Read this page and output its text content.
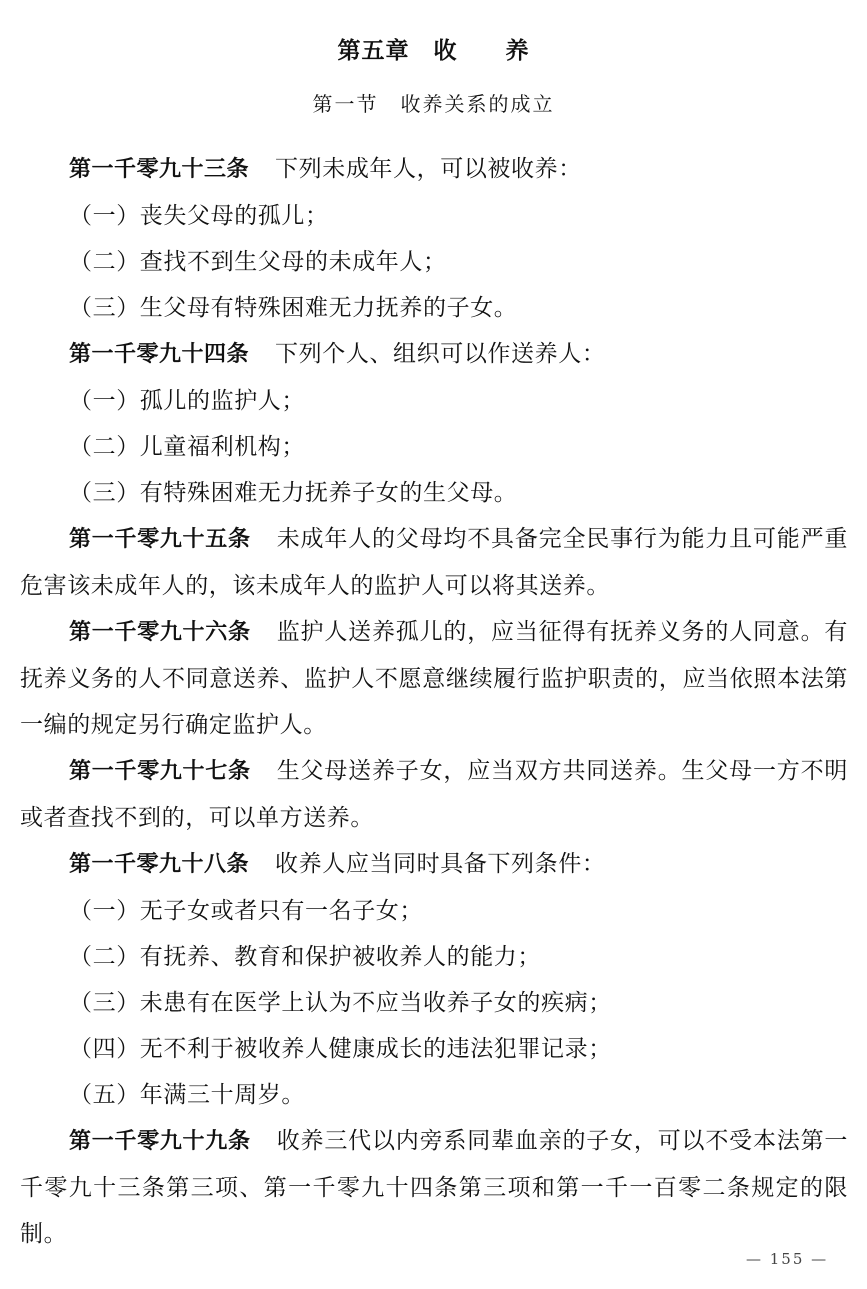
第五章　收　　养
第一节　收养关系的成立

第一千零九十三条 下列未成年人，可以被收养：

（一）丧失父母的孤儿；

（二）查找不到生父母的未成年人；

（三）生父母有特殊困难无力抚养的子女。

第一千零九十四条 下列个人、组织可以作送养人：

（一）孤儿的监护人；

（二）儿童福利机构；

（三）有特殊困难无力抚养子女的生父母。

第一千零九十五条 未成年人的父母均不具备完全民事行为能力且可能严重危害该未成年人的，该未成年人的监护人可以将其送养。

第一千零九十六条 监护人送养孤儿的，应当征得有抚养义务的人同意。有抚养义务的人不同意送养、监护人不愿意继续履行监护职责的，应当依照本法第一编的规定另行确定监护人。

第一千零九十七条 生父母送养子女，应当双方共同送养。生父母一方不明或者查找不到的，可以单方送养。

第一千零九十八条 收养人应当同时具备下列条件：

（一）无子女或者只有一名子女；

（二）有抚养、教育和保护被收养人的能力；

（三）未患有在医学上认为不应当收养子女的疾病；

（四）无不利于被收养人健康成长的违法犯罪记录；

（五）年满三十周岁。

第一千零九十九条 收养三代以内旁系同辈血亲的子女，可以不受本法第一千零九十三条第三项、第一千零九十四条第三项和第一千一百零二条规定的限制。

— 155 —
